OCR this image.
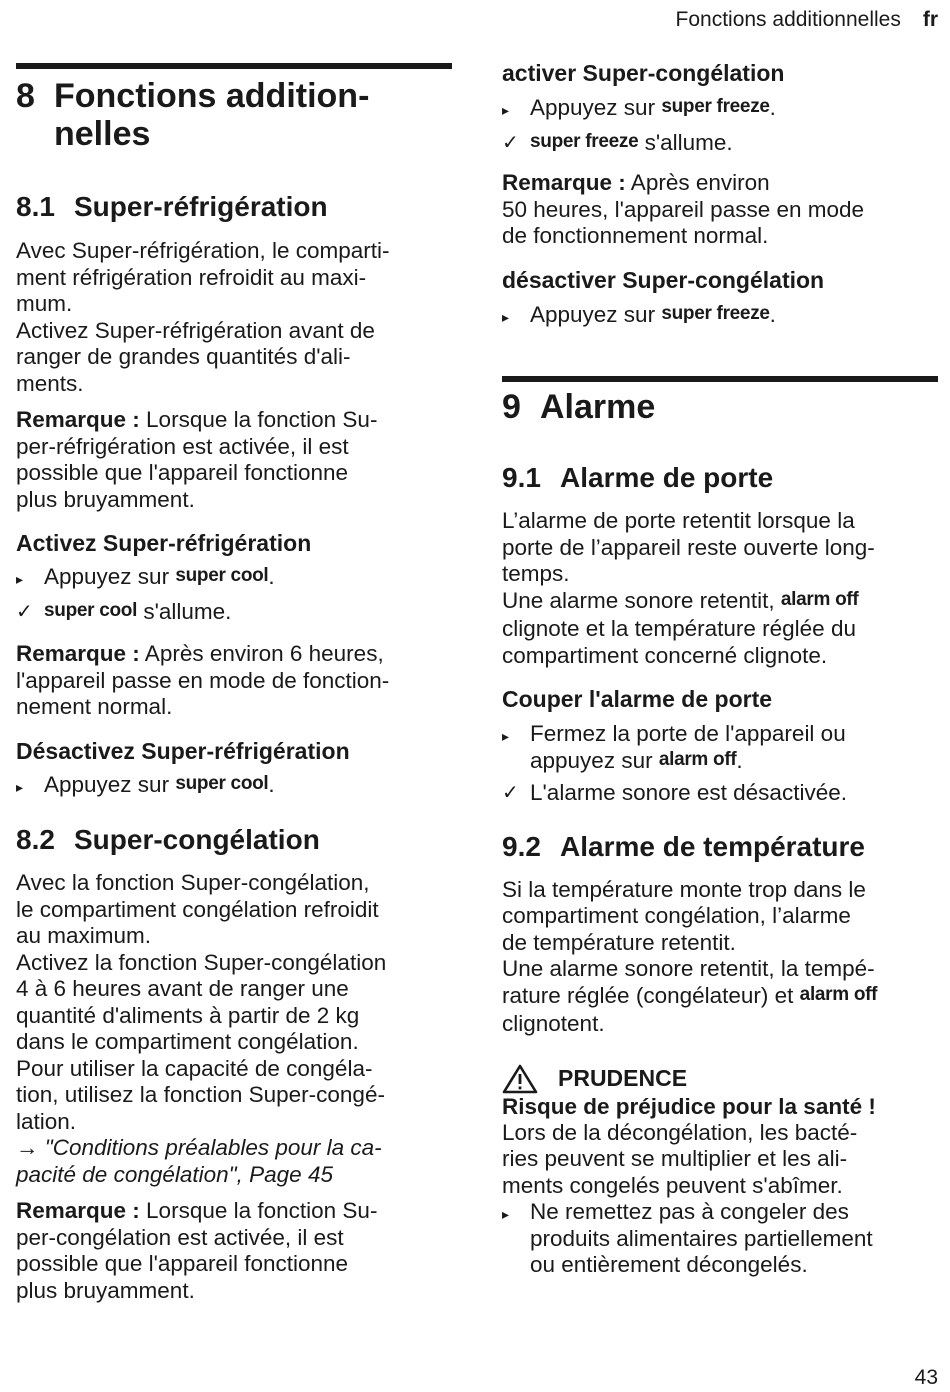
Fonctions additionnelles fr
8 Fonctions addition-
nelles
8.1 Super-réfrigération

Avec Super-réfrigération, le comparti-

ment réfrigération refroidit au maxi-

mum.

Activez Super-réfrigération avant de

ranger de grandes quantités d'ali-

ments.

Remarque : Lorsque la fonction Su-

per-réfrigération est activée, il est

possible que l'appareil fonctionne

plus bruyamment.

Activez Super-réfrigération

▸ Appuyez sur super cool.
✓ super cool s'allume.

Remarque : Après environ 6 heures,

l'appareil passe en mode de fonction-

nement normal.

Désactivez Super-réfrigération

▸ Appuyez sur super cool.
8.2 Super-congélation

Avec la fonction Super-congélation,

le compartiment congélation refroidit

au maximum.

Activez la fonction Super-congélation

4 à 6 heures avant de ranger une

quantité d'aliments à partir de 2 kg

dans le compartiment congélation.

Pour utiliser la capacité de congéla-

tion, utilisez la fonction Super-congé-

lation.

→ "Conditions préalables pour la ca-

pacité de congélation", Page 45

Remarque : Lorsque la fonction Su-

per-congélation est activée, il est

possible que l'appareil fonctionne

plus bruyamment.

activer Super-congélation

▸ Appuyez sur super freeze.
✓ super freeze s'allume.

Remarque : Après environ

50 heures, l'appareil passe en mode

de fonctionnement normal.

désactiver Super-congélation

▸ Appuyez sur super freeze.
9 Alarme
9.1 Alarme de porte

L’alarme de porte retentit lorsque la

porte de l’appareil reste ouverte long-

temps.

Une alarme sonore retentit, alarm off

clignote et la température réglée du

compartiment concerné clignote.

Couper l'alarme de porte

▸ Fermez la porte de l'appareil ou
appuyez sur alarm off.
✓ L'alarme sonore est désactivée.
9.2 Alarme de température

Si la température monte trop dans le

compartiment congélation, l’alarme

de température retentit.

Une alarme sonore retentit, la tempé-

rature réglée (congélateur) et alarm off

clignotent.

PRUDENCE

Risque de préjudice pour la santé !

Lors de la décongélation, les bacté-

ries peuvent se multiplier et les ali-

ments congelés peuvent s'abîmer.

▸ Ne remettez pas à congeler des
produits alimentaires partiellement
ou entièrement décongelés.
43
